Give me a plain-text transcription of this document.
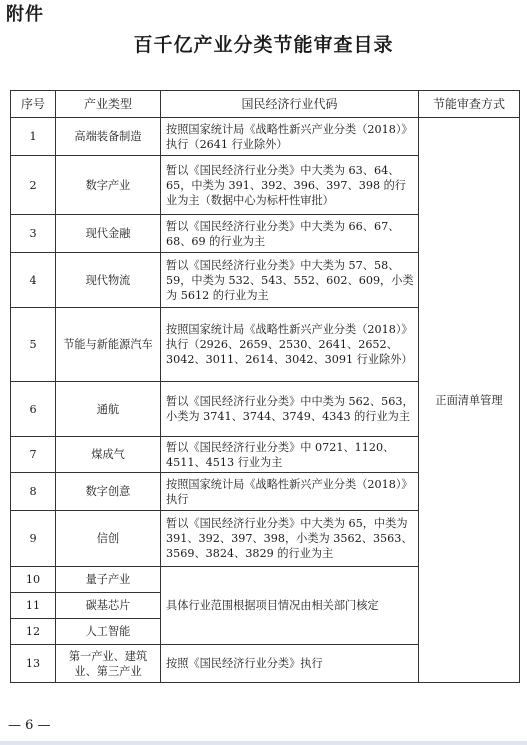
附件
百千亿产业分类节能审查目录
序号	产业类型	国民经济行业代码	节能审查方式
1	高端装备制造	按照国家统计局《战略性新兴产业分类（2018）》执行（2641 行业除外）	正面清单管理
2	数字产业	暂以《国民经济行业分类》中大类为 63、64、65，中类为 391、392、396、397、398 的行业为主（数据中心为标杆性审批）	
3	现代金融	暂以《国民经济行业分类》中大类为 66、67、68、69 的行业为主	
4	现代物流	暂以《国民经济行业分类》中大类为 57、58、59，中类为 532、543、552、602、609，小类为 5612 的行业为主	
5	节能与新能源汽车	按照国家统计局《战略性新兴产业分类（2018）》执行（2926、2659、2530、2641、2652、3042、3011、2614、3042、3091 行业除外）	
6	通航	暂以《国民经济行业分类》中中类为 562、563，小类为 3741、3744、3749、4343 的行业为主	
7	煤成气	暂以《国民经济行业分类》中 0721、1120、4511、4513 行业为主	
8	数字创意	按照国家统计局《战略性新兴产业分类（2018）》执行	
9	信创	暂以《国民经济行业分类》中大类为 65，中类为 391、392、397、398，小类为 3562、3563、3569、3824、3829 的行业为主	
10	量子产业	具体行业范围根据项目情况由相关部门核定	
11	碳基芯片		
12	人工智能		
13	第一产业、建筑业、第三产业	按照《国民经济行业分类》执行	
— 6 —
